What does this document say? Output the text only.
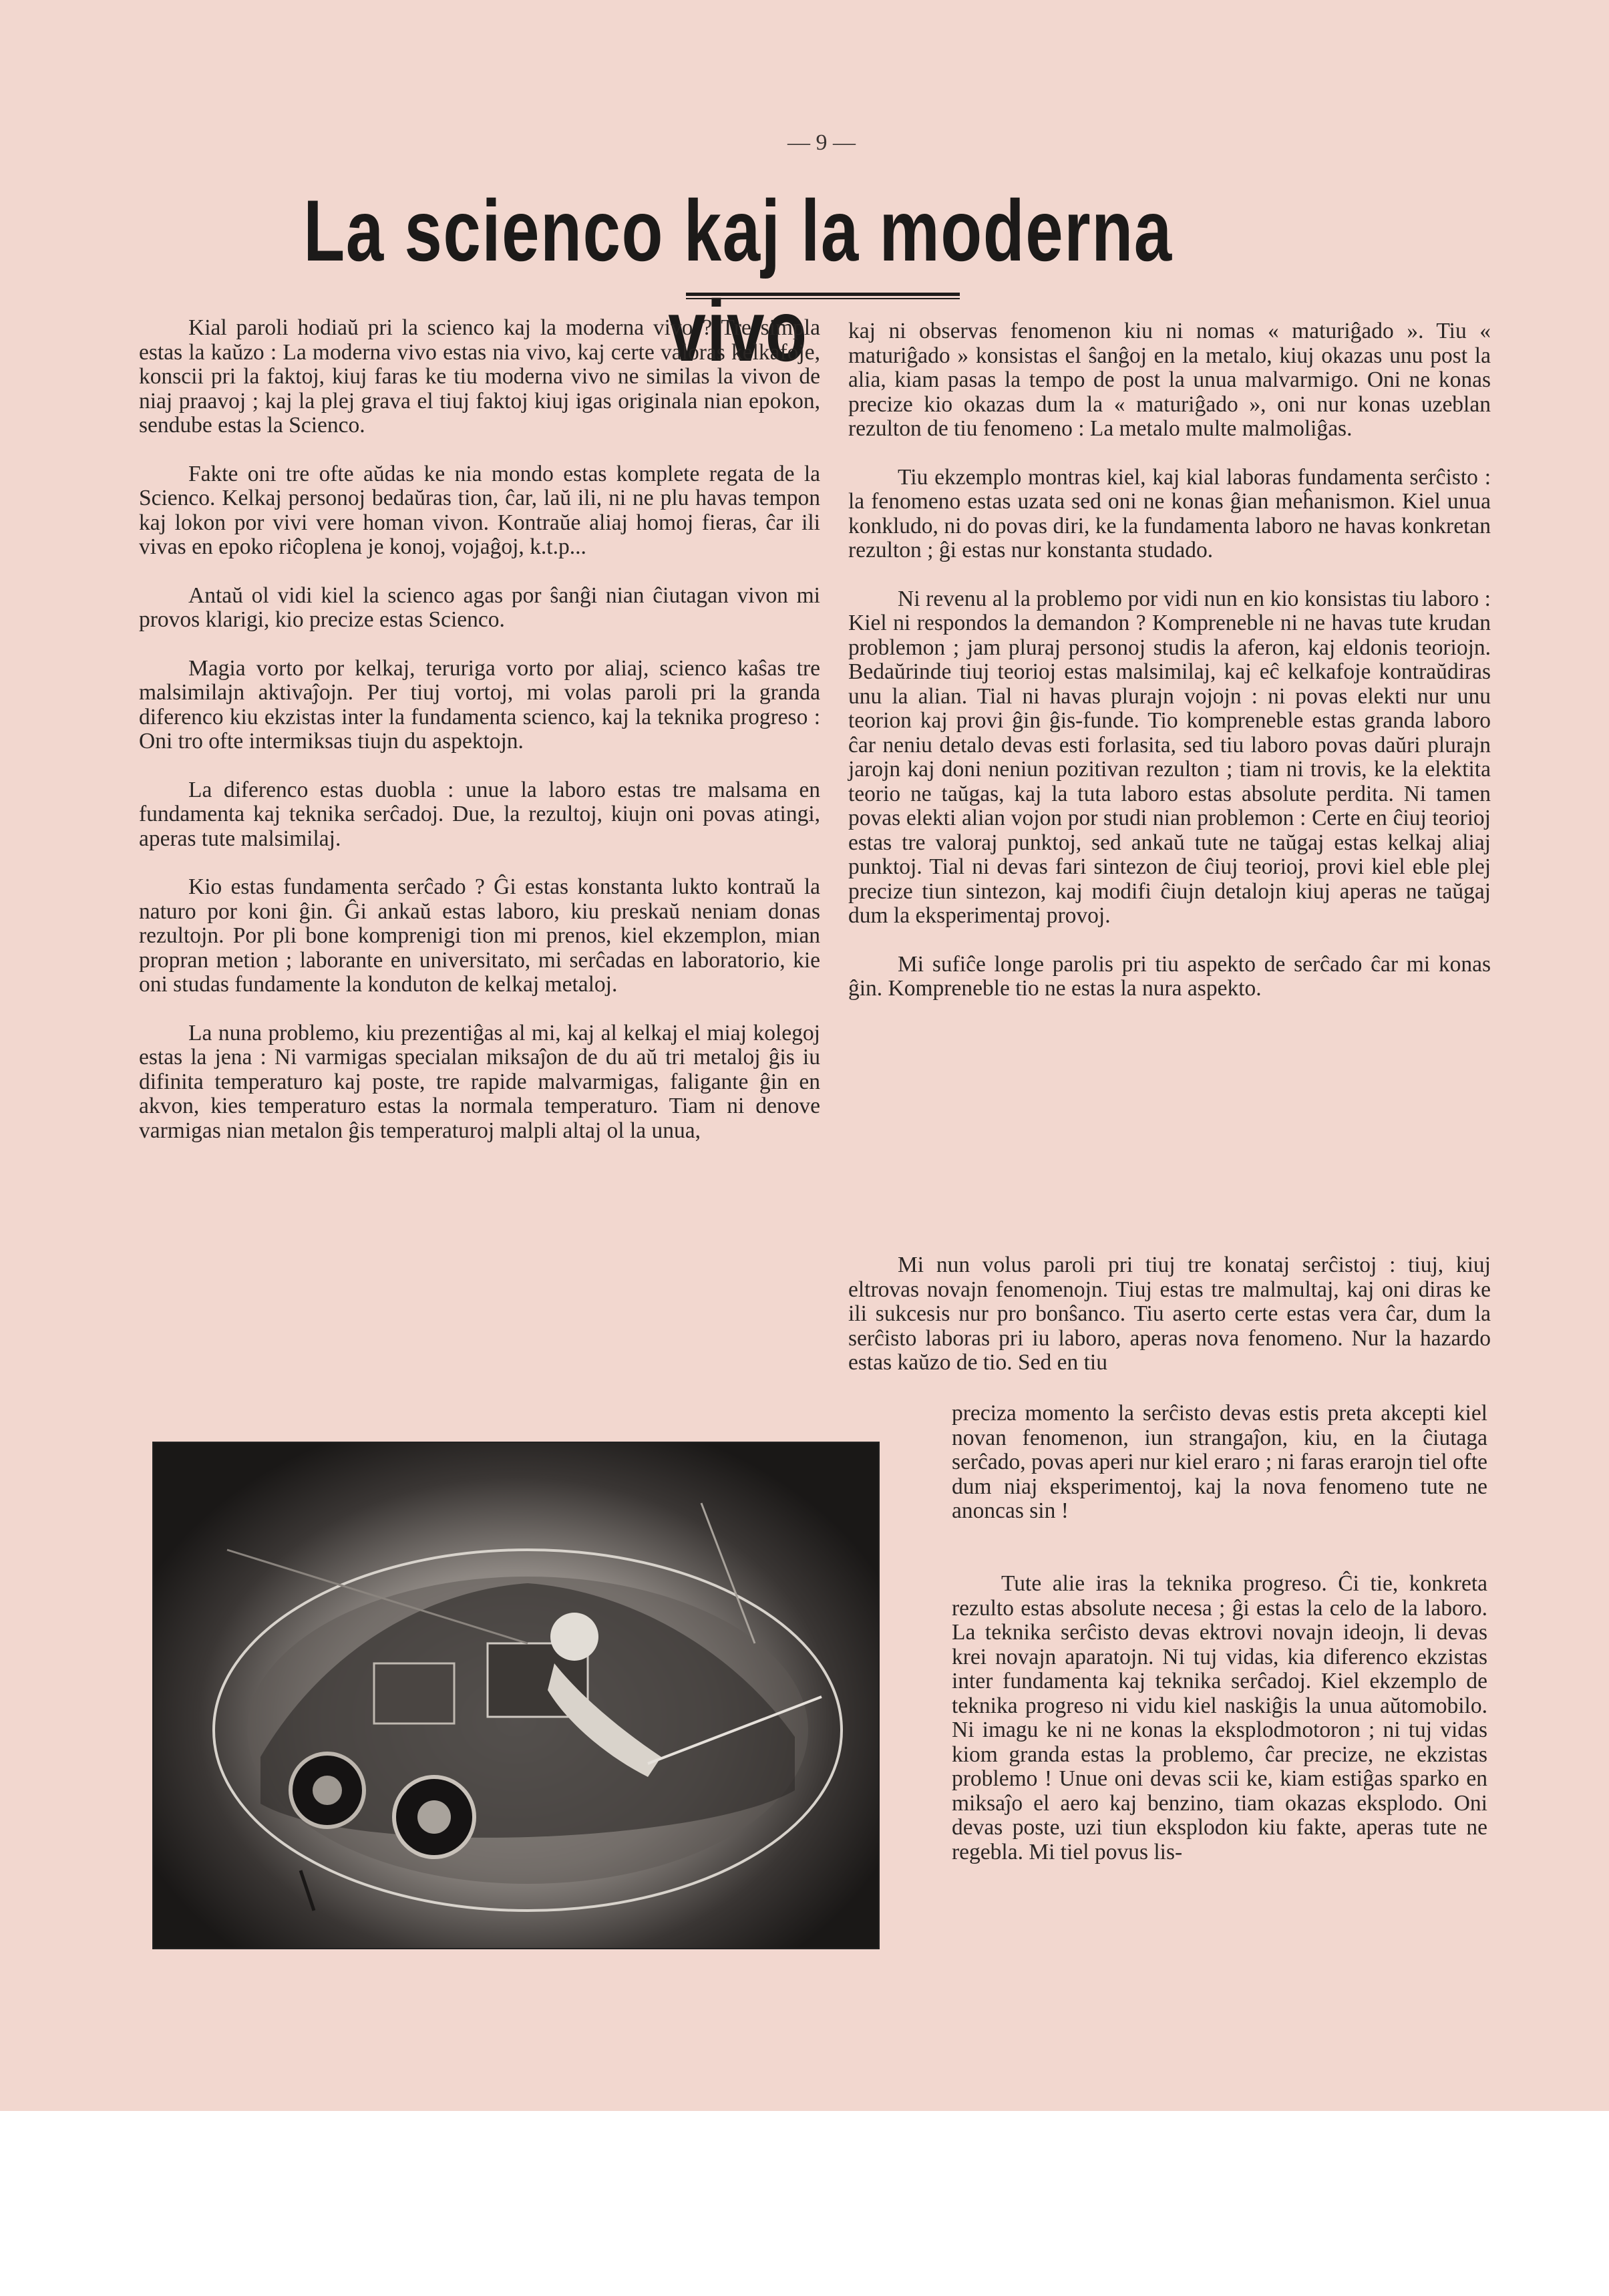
— 9 —
La scienco kaj la moderna vivo

Kial paroli hodiaŭ pri la scienco kaj la moderna vivo ? Tre simpla estas la kaŭzo : La moderna vivo estas nia vivo, kaj certe valoras kelkafoje, konscii pri la faktoj, kiuj faras ke tiu moderna vivo ne similas la vivon de niaj praavoj ; kaj la plej grava el tiuj faktoj kiuj igas originala nian epokon, sendube estas la Scienco.

Fakte oni tre ofte aŭdas ke nia mondo estas komplete regata de la Scienco. Kelkaj personoj bedaŭras tion, ĉar, laŭ ili, ni ne plu havas tempon kaj lokon por vivi vere homan vivon. Kontraŭe aliaj homoj fieras, ĉar ili vivas en epoko riĉoplena je konoj, vojaĝoj, k.t.p...

Antaŭ ol vidi kiel la scienco agas por ŝanĝi nian ĉiutagan vivon mi provos klarigi, kio precize estas Scienco.

Magia vorto por kelkaj, teruriga vorto por aliaj, scienco kaŝas tre malsimilajn aktivaĵojn. Per tiuj vortoj, mi volas paroli pri la granda diferenco kiu ekzistas inter la fundamenta scienco, kaj la teknika progreso : Oni tro ofte intermiksas tiujn du aspektojn.

La diferenco estas duobla : unue la laboro estas tre malsama en fundamenta kaj teknika serĉadoj. Due, la rezultoj, kiujn oni povas atingi, aperas tute malsimilaj.

Kio estas fundamenta serĉado ? Ĝi estas konstanta lukto kontraŭ la naturo por koni ĝin. Ĝi ankaŭ estas laboro, kiu preskaŭ neniam donas rezultojn. Por pli bone komprenigi tion mi prenos, kiel ekzemplon, mian propran metion ; laborante en universitato, mi serĉadas en laboratorio, kie oni studas fundamente la konduton de kelkaj metaloj.

La nuna problemo, kiu prezentiĝas al mi, kaj al kelkaj el miaj kolegoj estas la jena : Ni varmigas specialan miksaĵon de du aŭ tri metaloj ĝis iu difinita temperaturo kaj poste, tre rapide malvarmigas, faligante ĝin en akvon, kies temperaturo estas la normala temperaturo. Tiam ni denove varmigas nian metalon ĝis temperaturoj malpli altaj ol la unua,

kaj ni observas fenomenon kiu ni nomas « maturiĝado ». Tiu « maturiĝado » konsistas el ŝanĝoj en la metalo, kiuj okazas unu post la alia, kiam pasas la tempo de post la unua malvarmigo. Oni ne konas precize kio okazas dum la « maturiĝado », oni nur konas uzeblan rezulton de tiu fenomeno : La metalo multe malmoliĝas.

Tiu ekzemplo montras kiel, kaj kial laboras fundamenta serĉisto : la fenomeno estas uzata sed oni ne konas ĝian meĥanismon. Kiel unua konkludo, ni do povas diri, ke la fundamenta laboro ne havas konkretan rezulton ; ĝi estas nur konstanta studado.

Ni revenu al la problemo por vidi nun en kio konsistas tiu laboro : Kiel ni respondos la demandon ? Kompreneble ni ne havas tute krudan problemon ; jam pluraj personoj studis la aferon, kaj eldonis teoriojn. Bedaŭrinde tiuj teorioj estas malsimilaj, kaj eĉ kelkafoje kontraŭdiras unu la alian. Tial ni havas plurajn vojojn : ni povas elekti nur unu teorion kaj provi ĝin ĝis-funde. Tio kompreneble estas granda laboro ĉar neniu detalo devas esti forlasita, sed tiu laboro povas daŭri plurajn jarojn kaj doni neniun pozitivan rezulton ; tiam ni trovis, ke la elektita teorio ne taŭgas, kaj la tuta laboro estas absolute perdita. Ni tamen povas elekti alian vojon por studi nian problemon : Certe en ĉiuj teorioj estas tre valoraj punktoj, sed ankaŭ tute ne taŭgaj estas kelkaj aliaj punktoj. Tial ni devas fari sintezon de ĉiuj teorioj, provi kiel eble plej precize tiun sintezon, kaj modifi ĉiujn detalojn kiuj aperas ne taŭgaj dum la eksperimentaj provoj.

Mi sufiĉe longe parolis pri tiu aspekto de serĉado ĉar mi konas ĝin. Kompreneble tio ne estas la nura aspekto.

Mi nun volus paroli pri tiuj tre konataj serĉistoj : tiuj, kiuj eltrovas novajn fenomenojn. Tiuj estas tre malmultaj, kaj oni diras ke ili sukcesis nur pro bonŝanco. Tiu aserto certe estas vera ĉar, dum la serĉisto laboras pri iu laboro, aperas nova fenomeno. Nur la hazardo estas kaŭzo de tio. Sed en tiu

preciza momento la serĉisto devas estis preta akcepti kiel novan fenomenon, iun strangaĵon, kiu, en la ĉiutaga serĉado, povas aperi nur kiel eraro ; ni faras erarojn tiel ofte dum niaj eksperimentoj, kaj la nova fenomeno tute ne anoncas sin !

Tute alie iras la teknika progreso. Ĉi tie, konkreta rezulto estas absolute necesa ; ĝi estas la celo de la laboro. La teknika serĉisto devas ektrovi novajn ideojn, li devas krei novajn aparatojn. Ni tuj vidas, kia diferenco ekzistas inter fundamenta kaj teknika serĉadoj. Kiel ekzemplo de teknika progreso ni vidu kiel naskiĝis la unua aŭtomobilo. Ni imagu ke ni ne konas la eksplodmotoron ; ni tuj vidas kiom granda estas la problemo, ĉar precize, ne ekzistas problemo ! Unue oni devas scii ke, kiam estiĝas sparko en miksaĵo el aero kaj benzino, tiam okazas eksplodo. Oni devas poste, uzi tiun eksplodon kiu fakte, aperas tute ne regebla. Mi tiel povus lis-
